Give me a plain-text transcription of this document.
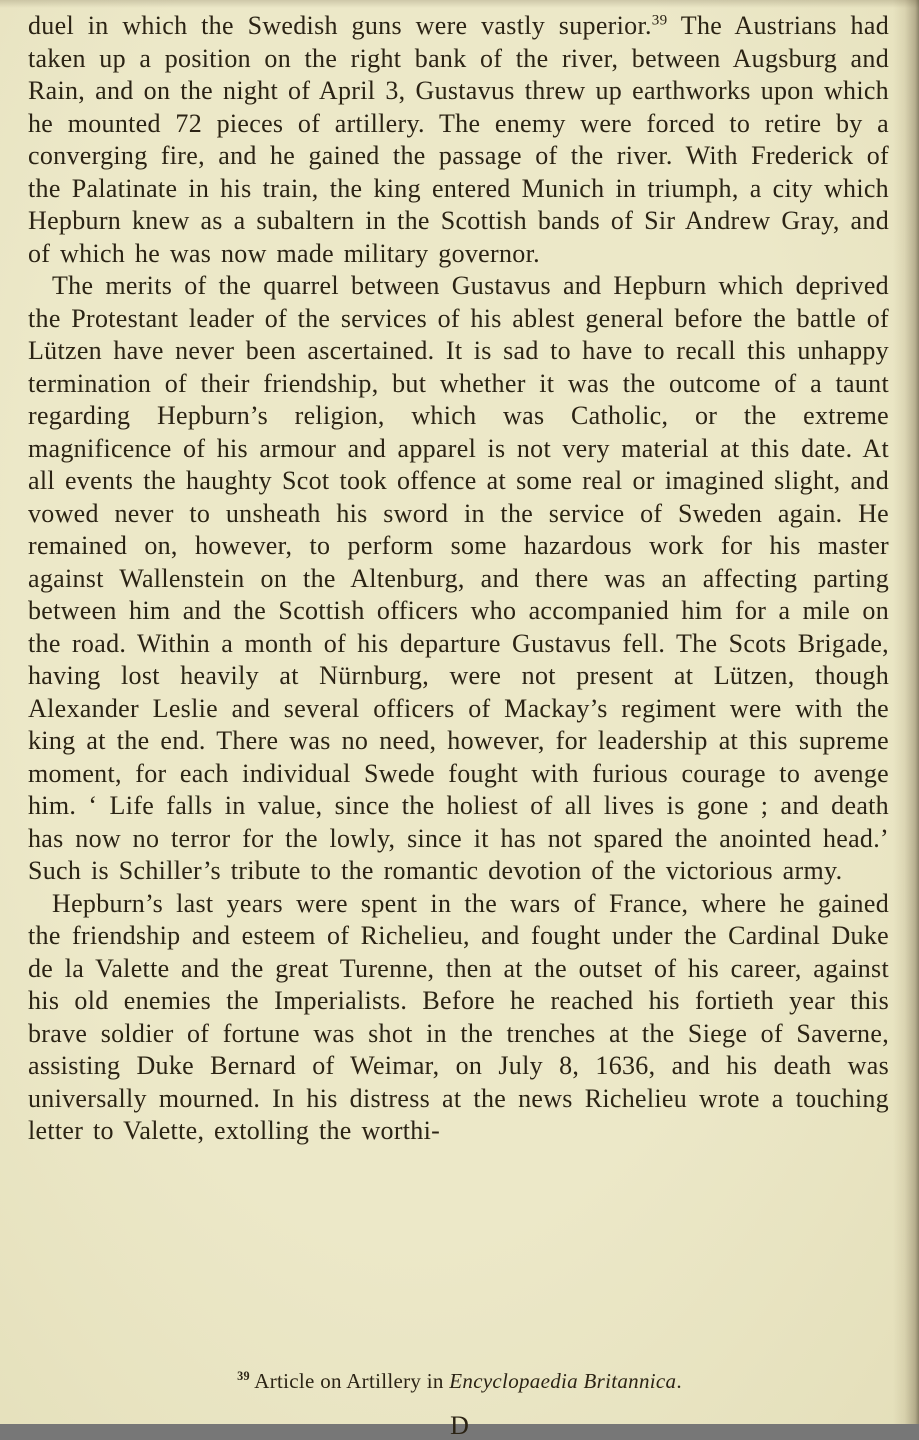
duel in which the Swedish guns were vastly superior.$^{39}$ The Austrians had taken up a position on the right bank of the river, between Augsburg and Rain, and on the night of April 3, Gustavus threw up earthworks upon which he mounted 72 pieces of artillery. The enemy were forced to retire by a converging fire, and he gained the passage of the river. With Frederick of the Palatinate in his train, the king entered Munich in triumph, a city which Hepburn knew as a subaltern in the Scottish bands of Sir Andrew Gray, and of which he was now made military governor.

The merits of the quarrel between Gustavus and Hepburn which deprived the Protestant leader of the services of his ablest general before the battle of Lützen have never been ascertained. It is sad to have to recall this unhappy termination of their friendship, but whether it was the outcome of a taunt regarding Hepburn’s religion, which was Catholic, or the extreme magnificence of his armour and apparel is not very material at this date. At all events the haughty Scot took offence at some real or imagined slight, and vowed never to unsheath his sword in the service of Sweden again. He remained on, however, to perform some hazardous work for his master against Wallenstein on the Altenburg, and there was an affecting parting between him and the Scottish officers who accompanied him for a mile on the road. Within a month of his departure Gustavus fell. The Scots Brigade, having lost heavily at Nürnburg, were not present at Lützen, though Alexander Leslie and several officers of Mackay’s regiment were with the king at the end. There was no need, however, for leadership at this supreme moment, for each individual Swede fought with furious courage to avenge him. ‘ Life falls in value, since the holiest of all lives is gone ; and death has now no terror for the lowly, since it has not spared the anointed head.’ Such is Schiller’s tribute to the romantic devotion of the victorious army.

Hepburn’s last years were spent in the wars of France, where he gained the friendship and esteem of Richelieu, and fought under the Cardinal Duke de la Valette and the great Turenne, then at the outset of his career, against his old enemies the Imperialists. Before he reached his fortieth year this brave soldier of fortune was shot in the trenches at the Siege of Saverne, assisting Duke Bernard of Weimar, on July 8, 1636, and his death was universally mourned. In his distress at the news Richelieu wrote a touching letter to Valette, extolling the worthi-

$^{39}$ Article on Artillery in Encyclopaedia Britannica.
D
